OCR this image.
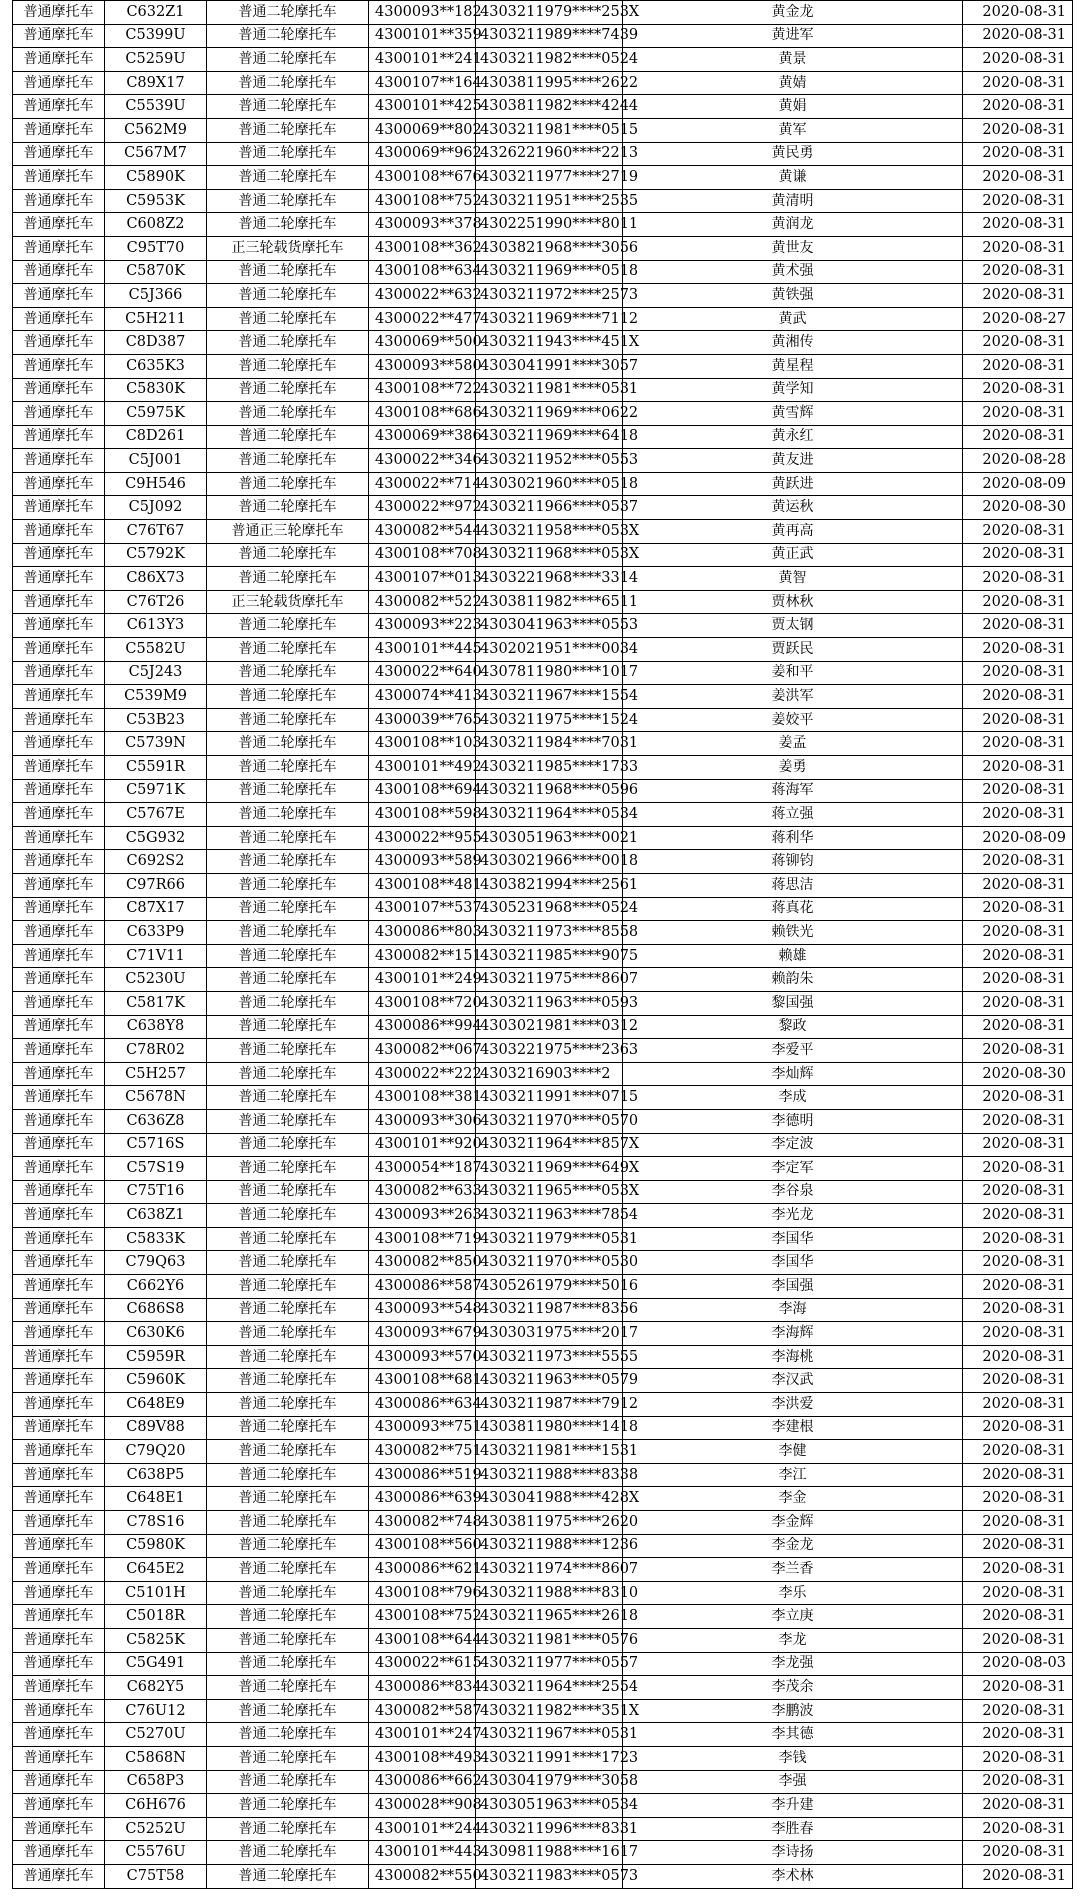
普通摩托车	C632Z1	普通二轮摩托车	4300093**182	4303211979****253X	黄金龙	2020-08-31
普通摩托车	C5399U	普通二轮摩托车	4300101**359	4303211989****7439	黄进军	2020-08-31
普通摩托车	C5259U	普通二轮摩托车	4300101**241	4303211982****0524	黄景	2020-08-31
普通摩托车	C89X17	普通二轮摩托车	4300107**164	4303811995****2622	黄婧	2020-08-31
普通摩托车	C5539U	普通二轮摩托车	4300101**425	4303811982****4244	黄娟	2020-08-31
普通摩托车	C562M9	普通二轮摩托车	4300069**802	4303211981****0515	黄军	2020-08-31
普通摩托车	C567M7	普通二轮摩托车	4300069**962	4326221960****2213	黄民勇	2020-08-31
普通摩托车	C5890K	普通二轮摩托车	4300108**676	4303211977****2719	黄谦	2020-08-31
普通摩托车	C5953K	普通二轮摩托车	4300108**752	4303211951****2535	黄清明	2020-08-31
普通摩托车	C608Z2	普通二轮摩托车	4300093**378	4302251990****8011	黄润龙	2020-08-31
普通摩托车	C95T70	正三轮载货摩托车	4300108**362	4303821968****3056	黄世友	2020-08-31
普通摩托车	C5870K	普通二轮摩托车	4300108**634	4303211969****0518	黄术强	2020-08-31
普通摩托车	C5J366	普通二轮摩托车	4300022**632	4303211972****2573	黄铁强	2020-08-31
普通摩托车	C5H211	普通二轮摩托车	4300022**477	4303211969****7112	黄武	2020-08-27
普通摩托车	C8D387	普通二轮摩托车	4300069**500	4303211943****451X	黄湘传	2020-08-31
普通摩托车	C635K3	普通二轮摩托车	4300093**580	4303041991****3057	黄星程	2020-08-31
普通摩托车	C5830K	普通二轮摩托车	4300108**722	4303211981****0531	黄学知	2020-08-31
普通摩托车	C5975K	普通二轮摩托车	4300108**686	4303211969****0622	黄雪辉	2020-08-31
普通摩托车	C8D261	普通二轮摩托车	4300069**386	4303211969****6418	黄永红	2020-08-31
普通摩托车	C5J001	普通二轮摩托车	4300022**346	4303211952****0553	黄友进	2020-08-28
普通摩托车	C9H546	普通二轮摩托车	4300022**714	4303021960****0518	黄跃进	2020-08-09
普通摩托车	C5J092	普通二轮摩托车	4300022**972	4303211966****0537	黄运秋	2020-08-30
普通摩托车	C76T67	普通正三轮摩托车	4300082**544	4303211958****053X	黄再高	2020-08-31
普通摩托车	C5792K	普通二轮摩托车	4300108**708	4303211968****053X	黄正武	2020-08-31
普通摩托车	C86X73	普通二轮摩托车	4300107**013	4303221968****3314	黄智	2020-08-31
普通摩托车	C76T26	正三轮载货摩托车	4300082**522	4303811982****6511	贾林秋	2020-08-31
普通摩托车	C613Y3	普通二轮摩托车	4300093**223	4303041963****0553	贾太钢	2020-08-31
普通摩托车	C5582U	普通二轮摩托车	4300101**445	4302021951****0034	贾跃民	2020-08-31
普通摩托车	C5J243	普通二轮摩托车	4300022**640	4307811980****1017	姜和平	2020-08-31
普通摩托车	C539M9	普通二轮摩托车	4300074**413	4303211967****1554	姜洪军	2020-08-31
普通摩托车	C53B23	普通二轮摩托车	4300039**765	4303211975****1524	姜姣平	2020-08-31
普通摩托车	C5739N	普通二轮摩托车	4300108**103	4303211984****7031	姜孟	2020-08-31
普通摩托车	C5591R	普通二轮摩托车	4300101**492	4303211985****1733	姜勇	2020-08-31
普通摩托车	C5971K	普通二轮摩托车	4300108**694	4303211968****0596	蒋海军	2020-08-31
普通摩托车	C5767E	普通二轮摩托车	4300108**598	4303211964****0534	蒋立强	2020-08-31
普通摩托车	C5G932	普通二轮摩托车	4300022**955	4303051963****0021	蒋利华	2020-08-09
普通摩托车	C692S2	普通二轮摩托车	4300093**589	4303021966****0018	蒋铆钧	2020-08-31
普通摩托车	C97R66	普通二轮摩托车	4300108**481	4303821994****2561	蒋思洁	2020-08-31
普通摩托车	C87X17	普通二轮摩托车	4300107**537	4305231968****0524	蒋真花	2020-08-31
普通摩托车	C633P9	普通二轮摩托车	4300086**803	4303211973****8558	赖铁光	2020-08-31
普通摩托车	C71V11	普通二轮摩托车	4300082**151	4303211985****9075	赖雄	2020-08-31
普通摩托车	C5230U	普通二轮摩托车	4300101**249	4303211975****8607	赖韵朱	2020-08-31
普通摩托车	C5817K	普通二轮摩托车	4300108**720	4303211963****0593	黎国强	2020-08-31
普通摩托车	C638Y8	普通二轮摩托车	4300086**994	4303021981****0312	黎政	2020-08-31
普通摩托车	C78R02	普通二轮摩托车	4300082**067	4303221975****2363	李爱平	2020-08-31
普通摩托车	C5H257	普通二轮摩托车	4300022**222	4303216903****2	李灿辉	2020-08-30
普通摩托车	C5678N	普通二轮摩托车	4300108**381	4303211991****0715	李成	2020-08-31
普通摩托车	C636Z8	普通二轮摩托车	4300093**306	4303211970****0570	李德明	2020-08-31
普通摩托车	C5716S	普通二轮摩托车	4300101**920	4303211964****857X	李定波	2020-08-31
普通摩托车	C57S19	普通二轮摩托车	4300054**187	4303211969****649X	李定军	2020-08-31
普通摩托车	C75T16	普通二轮摩托车	4300082**633	4303211965****053X	李谷泉	2020-08-31
普通摩托车	C638Z1	普通二轮摩托车	4300093**263	4303211963****7854	李光龙	2020-08-31
普通摩托车	C5833K	普通二轮摩托车	4300108**719	4303211979****0531	李国华	2020-08-31
普通摩托车	C79Q63	普通二轮摩托车	4300082**850	4303211970****0530	李国华	2020-08-31
普通摩托车	C662Y6	普通二轮摩托车	4300086**587	4305261979****5016	李国强	2020-08-31
普通摩托车	C686S8	普通二轮摩托车	4300093**548	4303211987****8356	李海	2020-08-31
普通摩托车	C630K6	普通二轮摩托车	4300093**679	4303031975****2017	李海辉	2020-08-31
普通摩托车	C5959R	普通二轮摩托车	4300093**570	4303211973****5555	李海桃	2020-08-31
普通摩托车	C5960K	普通二轮摩托车	4300108**681	4303211963****0579	李汉武	2020-08-31
普通摩托车	C648E9	普通二轮摩托车	4300086**634	4303211987****7912	李洪爱	2020-08-31
普通摩托车	C89V88	普通二轮摩托车	4300093**751	4303811980****1418	李建根	2020-08-31
普通摩托车	C79Q20	普通二轮摩托车	4300082**751	4303211981****1531	李健	2020-08-31
普通摩托车	C638P5	普通二轮摩托车	4300086**519	4303211988****8338	李江	2020-08-31
普通摩托车	C648E1	普通二轮摩托车	4300086**639	4303041988****428X	李金	2020-08-31
普通摩托车	C78S16	普通二轮摩托车	4300082**748	4303811975****2620	李金辉	2020-08-31
普通摩托车	C5980K	普通二轮摩托车	4300108**560	4303211988****1236	李金龙	2020-08-31
普通摩托车	C645E2	普通二轮摩托车	4300086**621	4303211974****8607	李兰香	2020-08-31
普通摩托车	C5101H	普通二轮摩托车	4300108**796	4303211988****8310	李乐	2020-08-31
普通摩托车	C5018R	普通二轮摩托车	4300108**752	4303211965****2618	李立庚	2020-08-31
普通摩托车	C5825K	普通二轮摩托车	4300108**644	4303211981****0576	李龙	2020-08-31
普通摩托车	C5G491	普通二轮摩托车	4300022**615	4303211977****0557	李龙强	2020-08-03
普通摩托车	C682Y5	普通二轮摩托车	4300086**834	4303211964****2554	李茂余	2020-08-31
普通摩托车	C76U12	普通二轮摩托车	4300082**587	4303211982****351X	李鹏波	2020-08-31
普通摩托车	C5270U	普通二轮摩托车	4300101**247	4303211967****0531	李其德	2020-08-31
普通摩托车	C5868N	普通二轮摩托车	4300108**493	4303211991****1723	李钱	2020-08-31
普通摩托车	C658P3	普通二轮摩托车	4300086**662	4303041979****3058	李强	2020-08-31
普通摩托车	C6H676	普通二轮摩托车	4300028**908	4303051963****0534	李升建	2020-08-31
普通摩托车	C5252U	普通二轮摩托车	4300101**244	4303211996****8331	李胜春	2020-08-31
普通摩托车	C5576U	普通二轮摩托车	4300101**443	4309811988****1617	李诗扬	2020-08-31
普通摩托车	C75T58	普通二轮摩托车	4300082**550	4303211983****0573	李术林	2020-08-31
